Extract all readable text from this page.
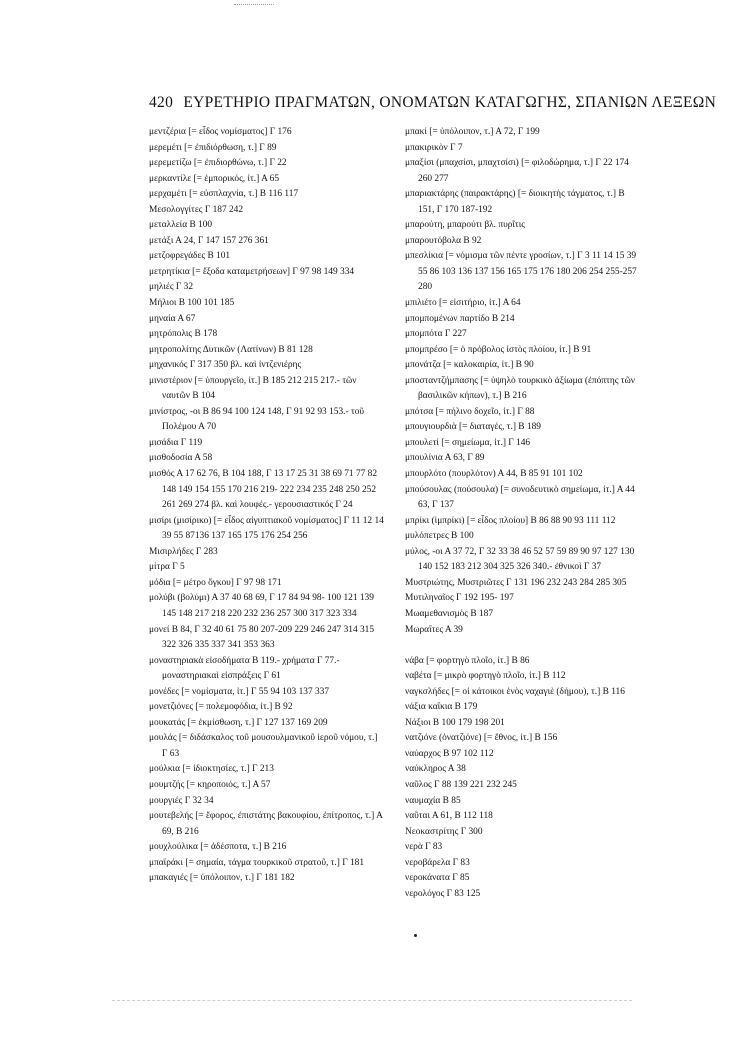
420 ΕΥΡΕΤΗΡΙΟ ΠΡΑΓΜΑΤΩΝ, ΟΝΟΜΑΤΩΝ ΚΑΤΑΓΩΓΗΣ, ΣΠΑΝΙΩΝ ΛΕΞΕΩΝ
μεντζέρια [= εἶδος νομίσματος] Γ 176
μερεμέτι [= ἐπιδιόρθωση, τ.] Γ 89
μερεμετίζω [= ἐπιδιορθώνω, τ.] Γ 22
μερκαντίλε [= ἐμπορικός, ἰτ.] Α 65
μερχαμέτι [= εὐσπλαχνία, τ.] Β 116 117
Μεσολογγίτες Γ 187 242
μεταλλεία Β 100
μετάξι Α 24, Γ 147 157 276 361
μετζοφρεγάδες Β 101
μετρητίκια [= ἔξοδα καταμετρήσεων] Γ 97 98 149 334
μηλιές Γ 32
Μήλιοι Β 100 101 185
μηναία Α 67
μητρόπολις Β 178
μητροπολίτης Δυτικῶν (Λατίνων) Β 81 128
μηχανικός Γ 317 350 βλ. καὶ ἰντζενιέρης
μινιστέριον [= ὑπουργεῖο, ἰτ.] Β 185 212 215 217.- τῶν ναυτῶν Β 104
μινίστρος, -οι Β 86 94 100 124 148, Γ 91 92 93 153.- τοῦ Πολέμου Α 70
μισάδια Γ 119
μισθοδοσία Α 58
μισθός Α 17 62 76, Β 104 188, Γ 13 17 25 31 38 69 71 77 82 148 149 154 155 170 216 219- 222 234 235 248 250 252 261 269 274 βλ. καὶ λουφές.- γερουσιαστικός Γ 24
μισίρι (μισίρικο) [= εἶδος αἰγυπτιακοῦ νομίσματος] Γ 11 12 14 39 55 87136 137 165 175 176 254 256
Μισιρλήδες Γ 283
μίτρα Γ 5
μόδια [= μέτρο ὄγκου] Γ 97 98 171
μολύβι (βολύμι) Α 37 40 68 69, Γ 17 84 94 98- 100 121 139 145 148 217 218 220 232 236 257 300 317 323 334
μονεί Β 84, Γ 32 40 61 75 80 207-209 229 246 247 314 315 322 326 335 337 341 353 363
μοναστηριακὰ εἰσοδήματα Β 119.- χρήματα Γ 77.- μοναστηριακαὶ εἰσπράξεις Γ 61
μονέδες [= νομίσματα, ἰτ.] Γ 55 94 103 137 337
μονετζιόνες [= πολεμοφόδια, ἰτ.] Β 92
μουκατάς [= ἐκμίσθωση, τ.] Γ 127 137 169 209
μουλάς [= διδάσκαλος τοῦ μουσουλμανικοῦ ἱεροῦ νόμου, τ.] Γ 63
μούλκια [= ἰδιοκτησίες, τ.] Γ 213
μουμτζής [= κηροποιός, τ.] Α 57
μουργιές Γ 32 34
μουτεβελής [= ἔφορος, ἐπιστάτης βακουφίου, ἐπίτροπος, τ.] Α 69, Β 216
μουχλούλικα [= ἀδέσποτα, τ.] Β 216
μπαϊράκι [= σημαία, τάγμα τουρκικοῦ στρατοῦ, τ.] Γ 181
μπακαγιές [= ὑπόλοιπον, τ.] Γ 181 182
μπακί [= ὑπόλοιπον, τ.] Α 72, Γ 199
μπακιρικὸν Γ 7
μπαξίσι (μπαχσίσι, μπαχτσίσι) [= φιλοδώρημα, τ.] Γ 22 174 260 277
μπαριακτάρης (παιρακτάρης) [= διοικητὴς τάγματος, τ.] Β 151, Γ 170 187-192
μπαρούτη, μπαρούτι βλ. πυρῖτις
μπαρουτόβολα Β 92
μπεσλίκια [= νόμισμα τῶν πέντε γροσίων, τ.] Γ 3 11 14 15 39 55 86 103 136 137 156 165 175 176 180 206 254 255-257 280
μπιλιέτο [= εἰσιτήριο, ἰτ.] Α 64
μπομπομένων παρτίδο Β 214
μπομπότα Γ 227
μπομπρέσο [= ὁ πρόβολος ἱστὸς πλοίου, ἰτ.] Β 91
μπονάτζα [= καλοκαιρία, ἰτ.] Β 90
μποσταντζήμπασης [= ὑψηλὸ τουρκικὸ ἀξίωμα (ἐπόπτης τῶν βασιλικῶν κήπων), τ.] Β 216
μπότσα [= πήλινο δοχεῖο, ἰτ.] Γ 88
μπουγιουρδιὰ [= διαταγές, τ.] Β 189
μπουλετί [= σημείωμα, ἰτ.] Γ 146
μπουλίνια Α 63, Γ 89
μπουρλότο (πουρλότον) Α 44, Β 85 91 101 102
μπούσουλας (πούσουλα) [= συνοδευτικὸ σημείωμα, ἰτ.] Α 44 63, Γ 137
μπρίκι (ἱμπρίκι) [= εἶδος πλοίου] Β 86 88 90 93 111 112
μυλόπετρες Β 100
μύλος, -οι Α 37 72, Γ 32 33 38 46 52 57 59 89 90 97 127 130 140 152 183 212 304 325 326 340.- ἐθνικοὶ Γ 37
Μυστριώτης, Μυστριῶτες Γ 131 196 232 243 284 285 305
Μυτιληναῖος Γ 192 195- 197
Μωαμεθανισμὸς Β 187
Μωραΐτες Α 39
νάβα [= φορτηγὸ πλοῖο, ἰτ.] Β 86
ναβέτα [= μικρὸ φορτηγὸ πλοῖο, ἰτ.] Β 112
ναγκσλήδες [= οἱ κάτοικοι ἑνὸς ναχαγιὲ (δήμου), τ.] Β 116
νάξια καΐκια Β 179
Νάξιοι Β 100 179 198 201
νατζιόνε (ὀνατζιόνε) [= ἔθνος, ἰτ.] Β 156
ναύαρχος Β 97 102 112
ναύκληρος Α 38
ναῦλος Γ 88 139 221 232 245
ναυμαχία Β 85
ναῦται Α 61, Β 112 118
Νεοκαστρίτης Γ 300
νερὰ Γ 83
νεροβάρελα Γ 83
νεροκάνατα Γ 85
νερολόγος Γ 83 125
